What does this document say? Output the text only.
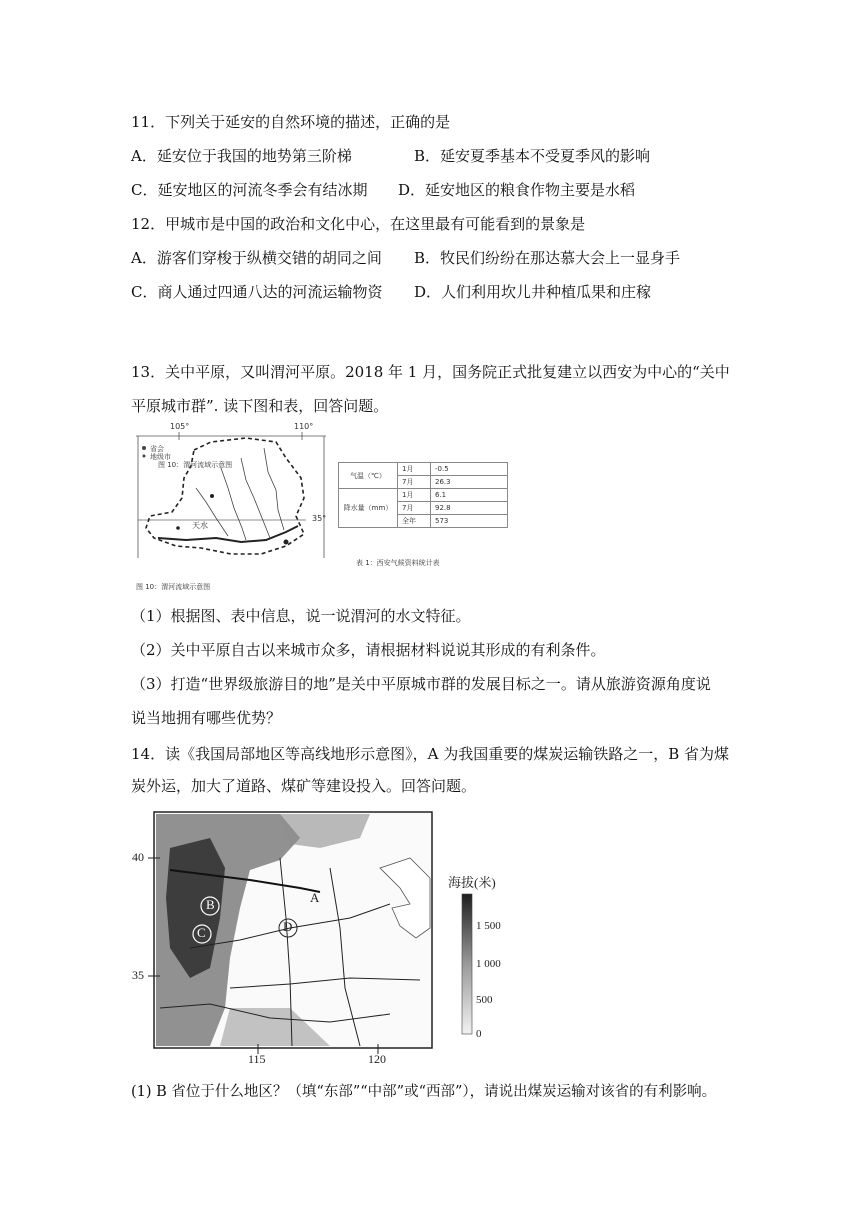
11．下列关于延安的自然环境的描述，正确的是
A．延安位于我国的地势第三阶梯	B．延安夏季基本不受夏季风的影响
C．延安地区的河流冬季会有结冰期 D．延安地区的粮食作物主要是水稻
12．甲城市是中国的政治和文化中心，在这里最有可能看到的景象是
A．游客们穿梭于纵横交错的胡同之间 B．牧民们纷纷在那达慕大会上一显身手
C．商人通过四通八达的河流运输物资 D．人们利用坎儿井种植瓜果和庄稼
13．关中平原，又叫渭河平原。2018 年 1 月，国务院正式批复建立以西安为中心的“关中
平原城市群”. 读下图和表，回答问题。
105°	110°
35°
省会
地级市
图 10：渭河流域示意图
天水
图 10：渭河流域示意图
气温（℃）	1月	-0.5
	7月	26.3
降水量（mm）	1月	6.1
	7月	92.8
	全年	573
表 1：西安气候资料统计表
（1）根据图、表中信息，说一说渭河的水文特征。
（2）关中平原自古以来城市众多，请根据材料说说其形成的有利条件。
（3）打造“世界级旅游目的地”是关中平原城市群的发展目标之一。请从旅游资源角度说
说当地拥有哪些优势？
14．读《我国局部地区等高线地形示意图》，A 为我国重要的煤炭运输铁路之一，B 省为煤
炭外运，加大了道路、煤矿等建设投入。回答问题。
40
35
115	120
A
B
C	D
海拔(米)
1 500
1 000
500
0
(1) B 省位于什么地区？（填“东部”“中部”或“西部”），请说出煤炭运输对该省的有利影响。
